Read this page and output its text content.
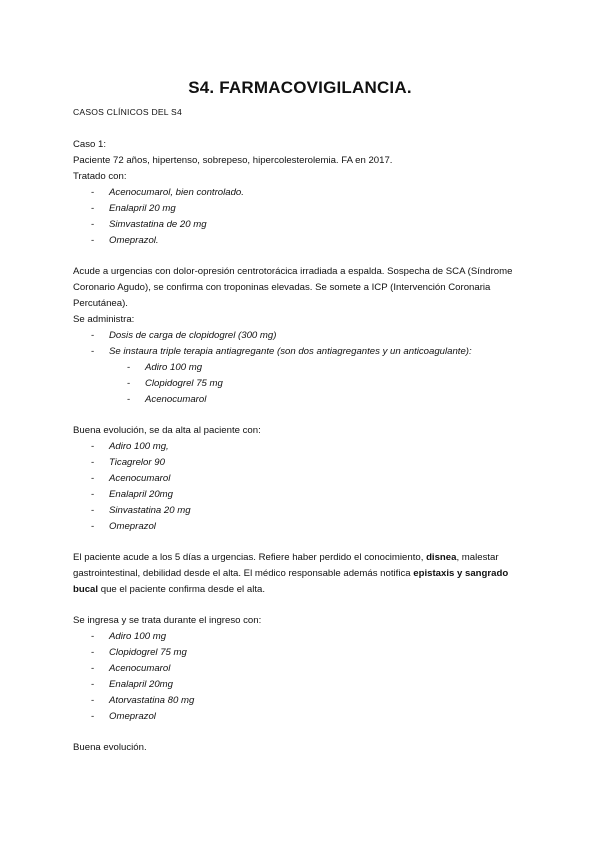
S4. FARMACOVIGILANCIA.
CASOS CLÍNICOS DEL S4
Caso 1:
Paciente 72 años, hipertenso, sobrepeso, hipercolesterolemia. FA en 2017.
Tratado con:
- Acenocumarol, bien controlado.
- Enalapril 20 mg
- Simvastatina de 20 mg
- Omeprazol.
Acude a urgencias con dolor-opresión centrotorácica irradiada a espalda. Sospecha de SCA (Síndrome
Coronario Agudo), se confirma con troponinas elevadas. Se somete a ICP (Intervención Coronaria
Percutánea).
Se administra:
- Dosis de carga de clopidogrel (300 mg)
- Se instaura triple terapia antiagregante (son dos antiagregantes y un anticoagulante):
- Adiro 100 mg
- Clopidogrel 75 mg
- Acenocumarol
Buena evolución, se da alta al paciente con:
- Adiro 100 mg,
- Ticagrelor 90
- Acenocumarol
- Enalapril 20mg
- Sinvastatina 20 mg
- Omeprazol
El paciente acude a los 5 días a urgencias. Refiere haber perdido el conocimiento, disnea, malestar
gastrointestinal, debilidad desde el alta. El médico responsable además notifica epistaxis y sangrado
bucal que el paciente confirma desde el alta.
Se ingresa y se trata durante el ingreso con:
- Adiro 100 mg
- Clopidogrel 75 mg
- Acenocumarol
- Enalapril 20mg
- Atorvastatina 80 mg
- Omeprazol
Buena evolución.
